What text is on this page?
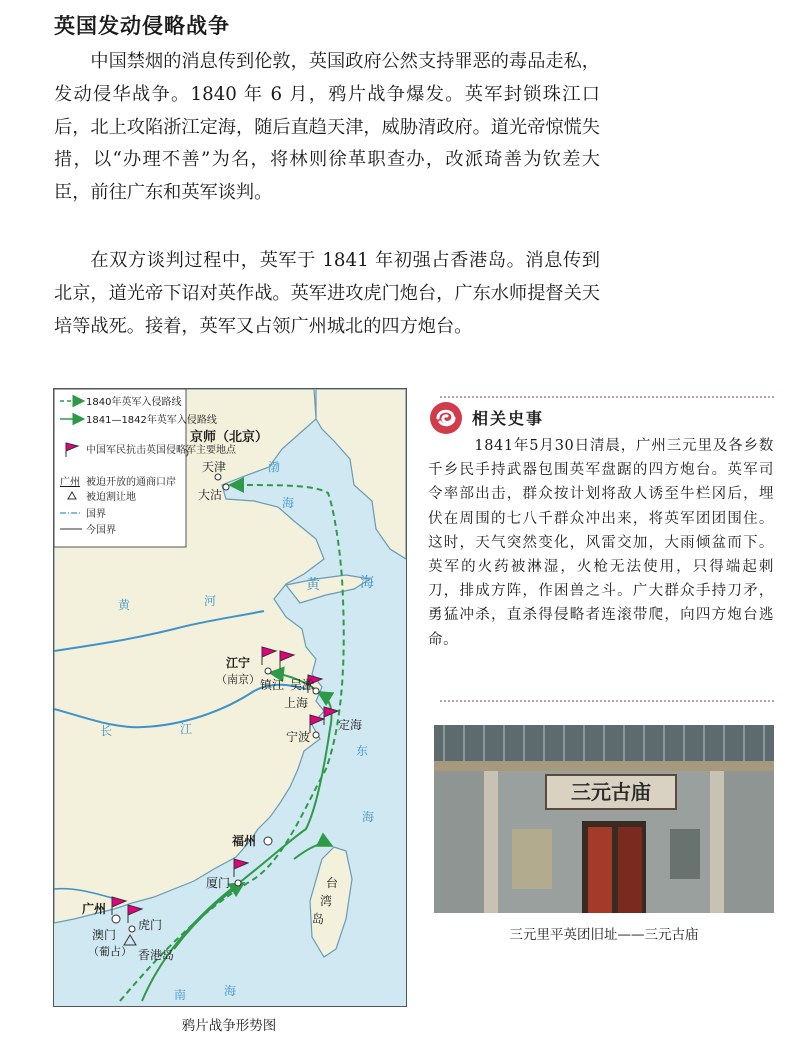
英国发动侵略战争

中国禁烟的消息传到伦敦，英国政府公然支持罪恶的毒品走私，发动侵华战争。1840 年 6 月，鸦片战争爆发。英军封锁珠江口后，北上攻陷浙江定海，随后直趋天津，威胁清政府。道光帝惊慌失措，以“办理不善”为名，将林则徐革职查办，改派琦善为钦差大臣，前往广东和英军谈判。

在双方谈判过程中，英军于 1841 年初强占香港岛。消息传到北京，道光帝下诏对英作战。英军进攻虎门炮台，广东水师提督关天培等战死。接着，英军又占领广州城北的四方炮台。

京师（北京）
天津
大沽
渤
海
黄	河
黄	海
江宁
（南京） 镇江 吴淞
上海
长	江
宁波
定海
东
海
福州
厦门	台
湾
岛
广州
虎门
澳门
（葡占） 香港岛
南	海
1840年英军入侵路线
1841—1842年英军入侵路线
中国军民抗击英国侵略军主要地点
广州 被迫开放的通商口岸
被迫割让地
国界
今国界
鸦片战争形势图
相关史事

1841年5月30日清晨，广州三元里及各乡数千乡民手持武器包围英军盘踞的四方炮台。英军司令率部出击，群众按计划将敌人诱至牛栏冈后，埋伏在周围的七八千群众冲出来，将英军团团围住。这时，天气突然变化，风雷交加，大雨倾盆而下。英军的火药被淋湿，火枪无法使用，只得端起刺刀，排成方阵，作困兽之斗。广大群众手持刀矛，勇猛冲杀，直杀得侵略者连滚带爬，向四方炮台逃命。

三元古庙
三元里平英团旧址——三元古庙
